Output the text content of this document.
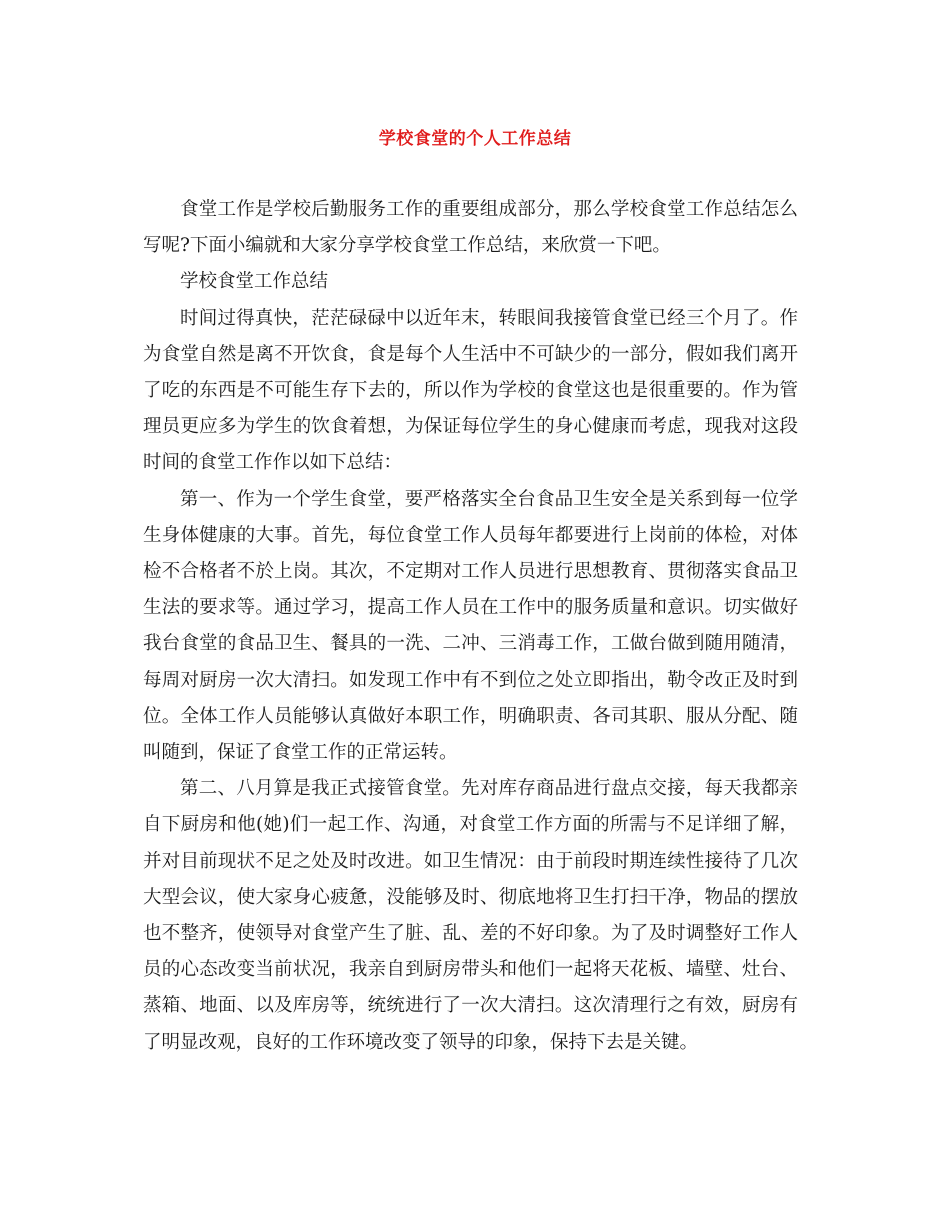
学校食堂的个人工作总结

食堂工作是学校后勤服务工作的重要组成部分，那么学校食堂工作总结怎么写呢?下面小编就和大家分享学校食堂工作总结，来欣赏一下吧。

学校食堂工作总结

时间过得真快，茫茫碌碌中以近年末，转眼间我接管食堂已经三个月了。作为食堂自然是离不开饮食，食是每个人生活中不可缺少的一部分，假如我们离开了吃的东西是不可能生存下去的，所以作为学校的食堂这也是很重要的。作为管理员更应多为学生的饮食着想，为保证每位学生的身心健康而考虑，现我对这段时间的食堂工作作以如下总结：

第一、作为一个学生食堂，要严格落实全台食品卫生安全是关系到每一位学生身体健康的大事。首先，每位食堂工作人员每年都要进行上岗前的体检，对体检不合格者不於上岗。其次，不定期对工作人员进行思想教育、贯彻落实食品卫生法的要求等。通过学习，提高工作人员在工作中的服务质量和意识。切实做好我台食堂的食品卫生、餐具的一洗、二冲、三消毒工作，工做台做到随用随清，每周对厨房一次大清扫。如发现工作中有不到位之处立即指出，勒令改正及时到位。全体工作人员能够认真做好本职工作，明确职责、各司其职、服从分配、随叫随到，保证了食堂工作的正常运转。

第二、八月算是我正式接管食堂。先对库存商品进行盘点交接，每天我都亲自下厨房和他(她)们一起工作、沟通，对食堂工作方面的所需与不足详细了解，并对目前现状不足之处及时改进。如卫生情况：由于前段时期连续性接待了几次大型会议，使大家身心疲惫，没能够及时、彻底地将卫生打扫干净，物品的摆放也不整齐，使领导对食堂产生了脏、乱、差的不好印象。为了及时调整好工作人员的心态改变当前状况，我亲自到厨房带头和他们一起将天花板、墙壁、灶台、蒸箱、地面、以及库房等，统统进行了一次大清扫。这次清理行之有效，厨房有了明显改观，良好的工作环境改变了领导的印象，保持下去是关键。
